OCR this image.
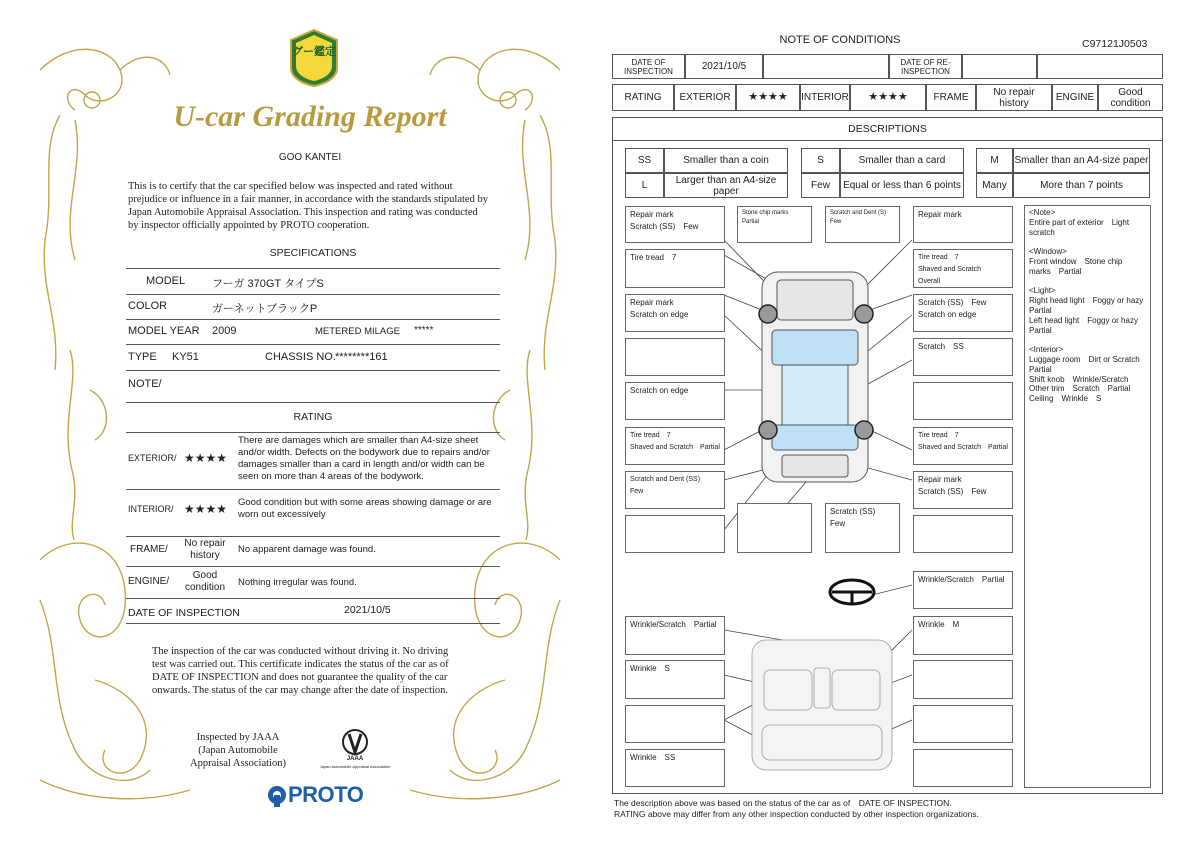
グー鑑定
U-car Grading Report
GOO KANTEI
This is to certify that the car specified below was inspected and rated without prejudice or influence in a fair manner, in accordance with the standards stipulated by Japan Automobile Appraisal Association. This inspection and rating was conducted by inspector officially appointed by PROTO cooperation.
SPECIFICATIONS
MODEL フーガ 370GT タイプS
COLOR	ガーネットブラックP
MODEL YEAR 2009	METERED MILAGE *****
TYPE KY51	CHASSIS NO. ********161
NOTE/
RATING
EXTERIOR/ ★★★★
There are damages which are smaller than A4-size sheet and/or width. Defects on the bodywork due to repairs and/or damages smaller than a card in length and/or width can be seen on more than 4 areas of the bodywork.
INTERIOR/ ★★★★ Good condition but with some areas showing damage or are worn out excessively
FRAME/
No repair history
No apparent damage was found.
ENGINE/
Good condition	Nothing irregular was found.
DATE OF INSPECTION	2021/10/5
The inspection of the car was conducted without driving it. No driving test was carried out. This certificate indicates the status of the car as of DATE OF INSPECTION and does not guarantee the quality of the car onwards. The status of the car may change after the date of inspection.
Inspected by JAAA (Japan Automobile Appraisal Association)	JAAA
Japan Automobile Appraisal Association
PROTO
NOTE OF CONDITIONS	C97121J0503
DATE OF INSPECTION	2021/10/5	DATE OF RE-INSPECTION
RATING	EXTERIOR	★★★★	INTERIOR	★★★★	FRAME	No repair history	ENGINE	Good condition
DESCRIPTIONS
SS	Smaller than a coin	S	Smaller than a card	M	Smaller than an A4-size paper
L	Larger than an A4-size paper	Few	Equal or less than 6 points	Many	More than 7 points
Repair mark
Scratch (SS)　Few
Stone chip marks　Partial
Scratch and Dent (S)　Few
Repair mark
Tire tread　7	Tire tread　7
Shaved and Scratch　Overall
Repair mark
Scratch on edge
Scratch (SS)　Few
Scratch on edge
Scratch　SS
Scratch on edge
Tire tread　7
Shaved and Scratch　Partial
Tire tread　7
Shaved and Scratch　Partial
Scratch and Dent (SS)　Few
Repair mark
Scratch (SS)　Few
Scratch (SS)　Few
Wrinkle/Scratch　Partial
Wrinkle/Scratch　Partial	Wrinkle　M
Wrinkle　S
Wrinkle　SS
<Note>
Entire part of exterior　Light scratch

<Window>
Front window　Stone chip marks　Partial

<Light>
Right head light　Foggy or hazy　Partial
Left head light　Foggy or hazy　Partial

<Interior>
Luggage room　Dirt or Scratch　Partial
Shift knob　Wrinkle/Scratch
Other trim　Scratch　Partial
Ceiling　Wrinkle　S
The description above was based on the status of the car as of　DATE OF INSPECTION.
RATING above may differ from any other inspection conducted by other inspection organizations.
